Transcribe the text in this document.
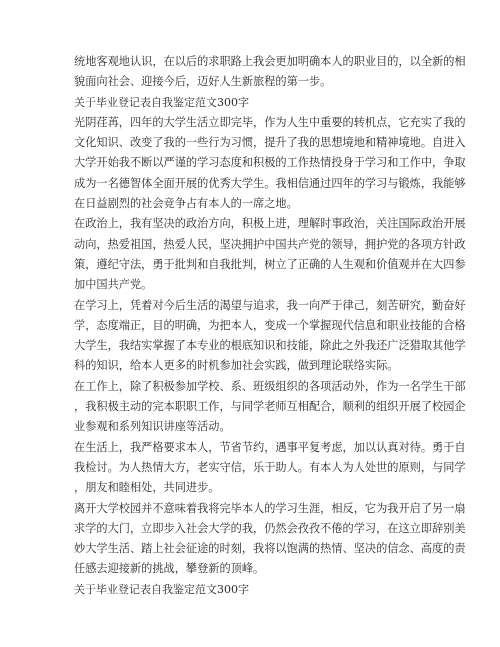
统地客观地认识，在以后的求职路上我会更加明确本人的职业目的，以全新的相
貌面向社会、迎接今后，迈好人生新旅程的第一步。
关于毕业登记表自我鉴定范文300字
光阴荏苒，四年的大学生活立即完毕，作为人生中重要的转机点，它充实了我的
文化知识、改变了我的一些行为习惯，提升了我的思想境地和精神境地。自进入
大学开始我不断以严谨的学习态度和积极的工作热情投身于学习和工作中，争取
成为一名德智体全面开展的优秀大学生。我相信通过四年的学习与锻炼，我能够
在日益剧烈的社会竞争占有本人的一席之地。
在政治上，我有坚决的政治方向，积极上进，理解时事政治，关注国际政治开展
动向，热爱祖国，热爱人民，坚决拥护中国共产党的领导，拥护党的各项方针政
策，遵纪守法，勇于批判和自我批判，树立了正确的人生观和价值观并在大四参
加中国共产党。
在学习上，凭着对今后生活的渴望与追求，我一向严于律己，刻苦研究，勤奋好
学，态度端正，目的明确，为把本人，变成一个掌握现代信息和职业技能的合格
大学生，我结实掌握了本专业的根底知识和技能，除此之外我还广泛猎取其他学
科的知识，给本人更多的时机参加社会实践，做到理论联络实际。
在工作上，除了积极参加学校、系、班级组织的各项活动外，作为一名学生干部
，我积极主动的完本职职工作，与同学老师互相配合，顺利的组织开展了校园企
业参观和系列知识讲座等活动。
在生活上，我严格要求本人，节省节约，遇事平复考虑，加以认真对待。勇于自
我检讨。为人热情大方，老实守信，乐于助人。有本人为人处世的原则，与同学
，朋友和睦相处，共同进步。
离开大学校园并不意味着我将完毕本人的学习生涯，相反，它为我开启了另一扇
求学的大门，立即步入社会大学的我，仍然会孜孜不倦的学习，在这立即辞别美
妙大学生活、踏上社会征途的时刻，我将以饱满的热情、坚决的信念、高度的责
任感去迎接新的挑战，攀登新的顶峰。
关于毕业登记表自我鉴定范文300字
